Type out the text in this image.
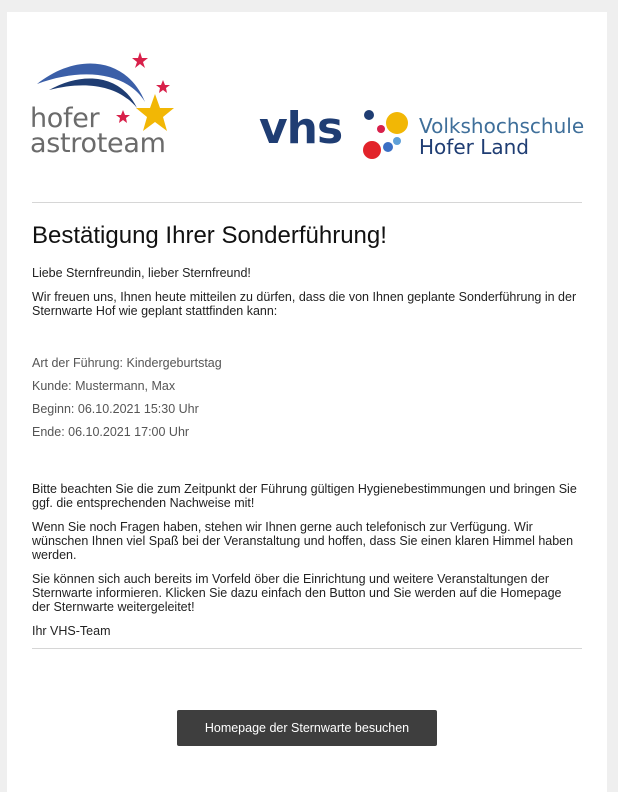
hofer
astroteam vhs	Volkshochschule
Hofer Land
Bestätigung Ihrer Sonderführung!

Liebe Sternfreundin, lieber Sternfreund!

Wir freuen uns, Ihnen heute mitteilen zu dürfen, dass die von Ihnen geplante Sonderführung in der Sternwarte Hof wie geplant stattfinden kann:

Art der Führung: Kindergeburtstag
Kunde: Mustermann, Max
Beginn: 06.10.2021 15:30 Uhr
Ende: 06.10.2021 17:00 Uhr

Bitte beachten Sie die zum Zeitpunkt der Führung gültigen Hygienebestimmungen und bringen Sie ggf. die entsprechenden Nachweise mit!

Wenn Sie noch Fragen haben, stehen wir Ihnen gerne auch telefonisch zur Verfügung. Wir wünschen Ihnen viel Spaß bei der Veranstaltung und hoffen, dass Sie einen klaren Himmel haben werden.

Sie können sich auch bereits im Vorfeld öber die Einrichtung und weitere Veranstaltungen der Sternwarte informieren. Klicken Sie dazu einfach den Button und Sie werden auf die Homepage der Sternwarte weitergeleitet!

Ihr VHS-Team

Homepage der Sternwarte besuchen
